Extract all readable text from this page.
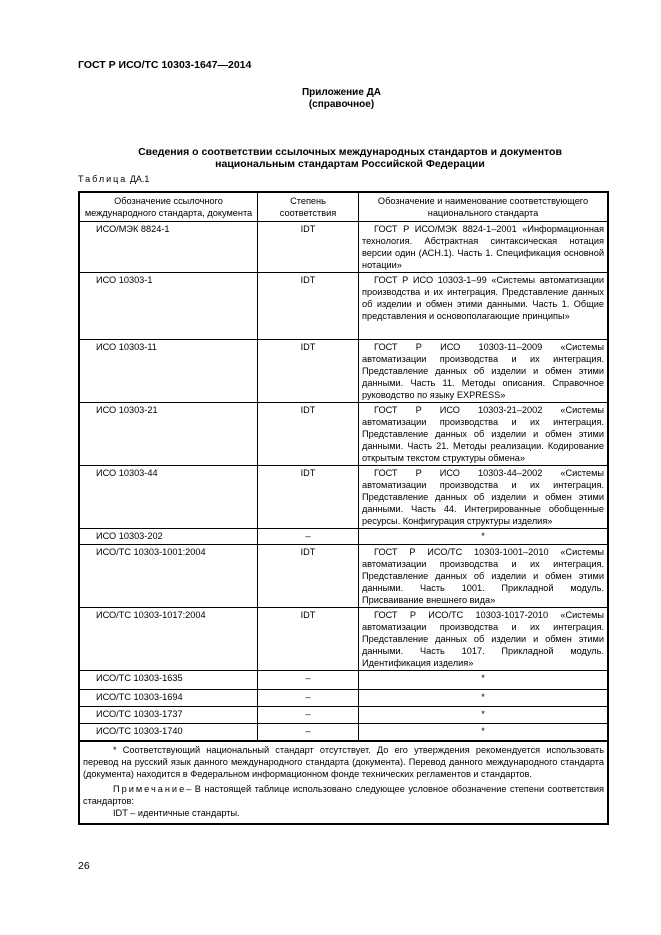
ГОСТ Р ИСО/ТС 10303-1647—2014
Приложение ДА
(справочное)
Сведения о соответствии ссылочных международных стандартов и документов
национальным стандартам Российской Федерации
Таблица ДА.1
Обозначение ссылочного международного стандарта, документа	Степень соответствия	Обозначение и наименование соответствующего национального стандарта
ИСО/МЭК 8824-1	IDT	ГОСТ Р ИСО/МЭК 8824-1–2001 «Информационная технология. Абстрактная синтаксическая нотация версии один (АСН.1). Часть 1. Спецификация основной нотации»
ИСО 10303-1	IDT	ГОСТ Р ИСО 10303-1–99 «Системы автоматизации производства и их интеграция. Представление данных об изделии и обмен этими данными. Часть 1. Общие представления и основополагающие принципы»
ИСО 10303-11	IDT	ГОСТ Р ИСО 10303-11–2009 «Системы автоматизации производства и их интеграция. Представление данных об изделии и обмен этими данными. Часть 11. Методы описания. Справочное руководство по языку EXPRESS»
ИСО 10303-21	IDT	ГОСТ Р ИСО 10303-21–2002 «Системы автоматизации производства и их интеграция. Представление данных об изделии и обмен этими данными. Часть 21. Методы реализации. Кодирование открытым текстом структуры обмена»
ИСО 10303-44	IDT	ГОСТ Р ИСО 10303-44–2002 «Системы автоматизации производства и их интеграция. Представление данных об изделии и обмен этими данными. Часть 44. Интегрированные обобщенные ресурсы. Конфигурация структуры изделия»
ИСО 10303-202	–	*
ИСО/ТС 10303-1001:2004	IDT	ГОСТ Р ИСО/ТС 10303-1001–2010 «Системы автоматизации производства и их интеграция. Представление данных об изделии и обмен этими данными. Часть 1001. Прикладной модуль. Присваивание внешнего вида»
ИСО/ТС 10303-1017:2004	IDT	ГОСТ Р ИСО/ТС 10303-1017-2010 «Системы автоматизации производства и их интеграция. Представление данных об изделии и обмен этими данными. Часть 1017. Прикладной модуль. Идентификация изделия»
ИСО/ТС 10303-1635	–	*
ИСО/ТС 10303-1694	–	*
ИСО/ТС 10303-1737	–	*
ИСО/ТС 10303-1740	–	*

* Соответствующий национальный стандарт отсутствует. До его утверждения рекомендуется использовать перевод на русский язык данного международного стандарта (документа). Перевод данного международного стандарта (документа) находится в Федеральном информационном фонде технических регламентов и стандартов.

Примечание– В настоящей таблице использовано следующее условное обозначение степени соответствия стандартов:

IDT – идентичные стандарты.		

26
